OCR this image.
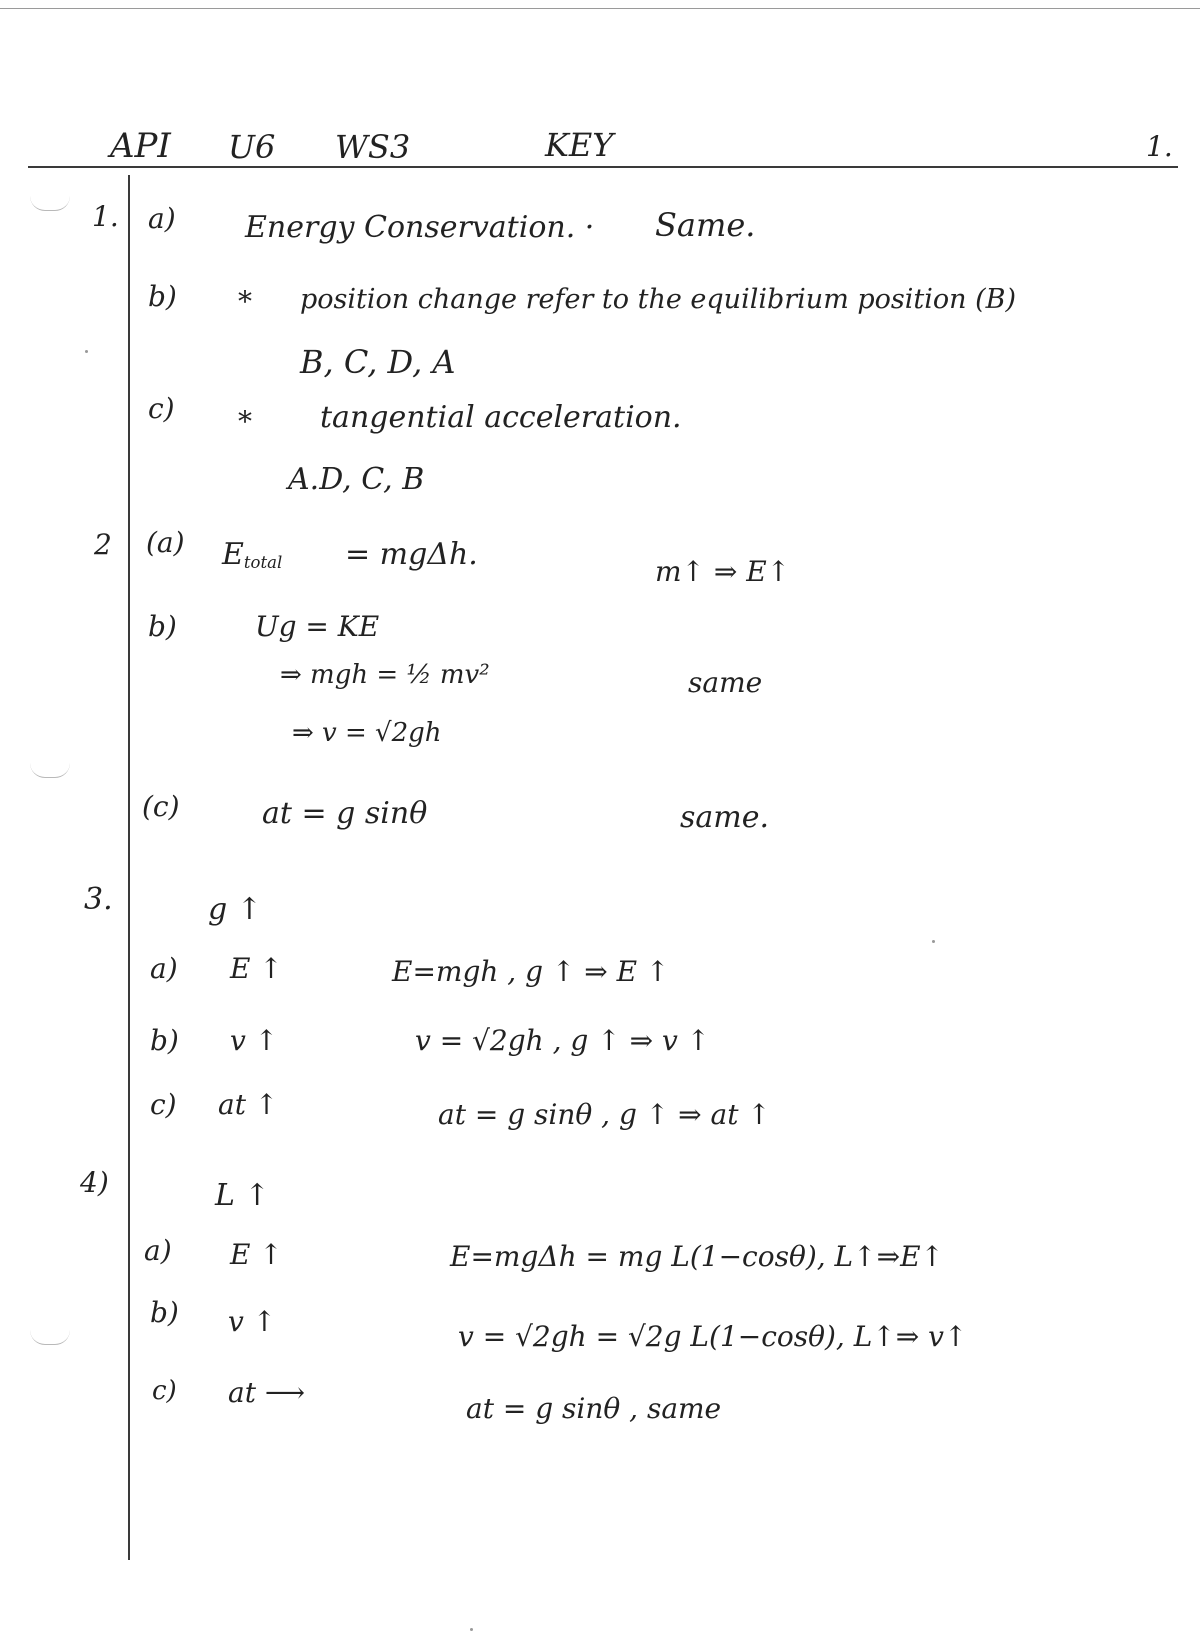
API U6 WS3	KEY	1.
1. a) Energy Conservation. · Same.
b) * position change refer to the equilibrium position (B)
B, C, D, A
c) * tangential acceleration.
A.D, C, B
2 (a) $E_{total} = mg\Delta h$.	m↑ ⇒ E↑
b)	Ug = KE
⇒ mgh = ½ mv²
⇒ v = √2gh
same
(c)	at = g sinθ	same.
3.	g ↑
a) E ↑	E=mgh , g ↑ ⇒ E ↑
b) v ↑	v = √2gh , g ↑ ⇒ v ↑
c) at ↑	at = g sinθ , g ↑ ⇒ at ↑
4)	L ↑
a) E ↑	E=mgΔh = mg L(1−cosθ), L↑⇒E↑
b) v ↑	v = √2gh = √2g L(1−cosθ), L↑⇒ v↑
c) at ⟶	at = g sinθ , same
